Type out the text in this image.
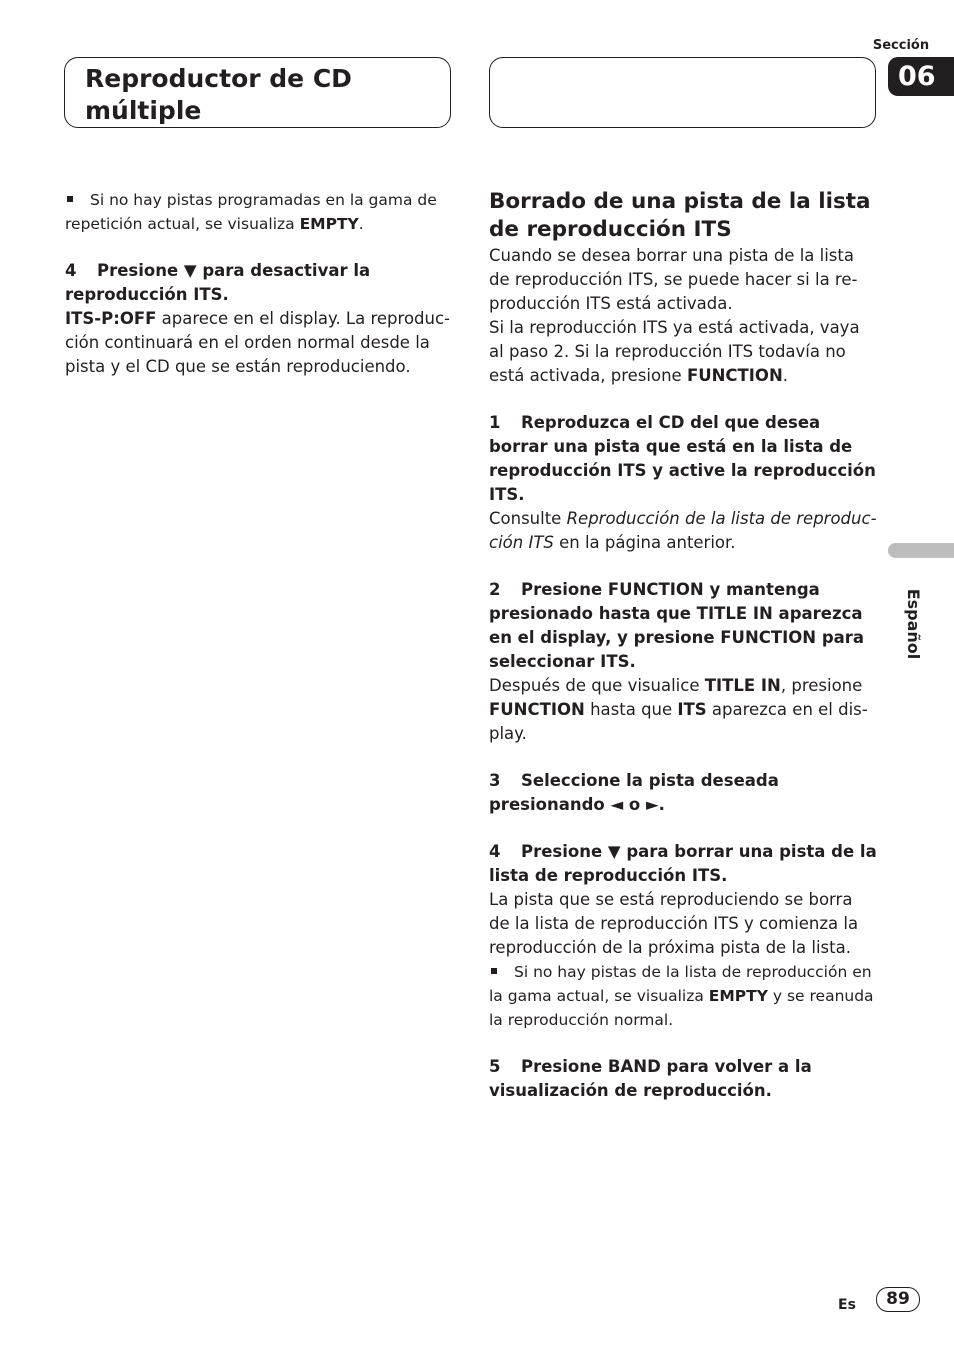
Sección
06
Reproductor de CD
múltiple

Si no hay pistas programadas en la gama de repetición actual, se visualiza EMPTY.

4 Presione ▼ para desactivar la reproducción ITS.

ITS-P:OFF aparece en el display. La reproducción continuará en el orden normal desde la pista y el CD que se están reproduciendo.

Borrado de una pista de la lista de reproducción ITS

Cuando se desea borrar una pista de la lista de reproducción ITS, se puede hacer si la reproducción ITS está activada.

Si la reproducción ITS ya está activada, vaya al paso 2. Si la reproducción ITS todavía no está activada, presione FUNCTION.

1 Reproduzca el CD del que desea borrar una pista que está en la lista de reproducción ITS y active la reproducción ITS.

Consulte Reproducción de la lista de reproducción ITS en la página anterior.

2 Presione FUNCTION y mantenga presionado hasta que TITLE IN aparezca en el display, y presione FUNCTION para seleccionar ITS.

Después de que visualice TITLE IN, presione FUNCTION hasta que ITS aparezca en el display.

3 Seleccione la pista deseada presionando ◄ o ►.

4 Presione ▼ para borrar una pista de la lista de reproducción ITS.

La pista que se está reproduciendo se borra de la lista de reproducción ITS y comienza la reproducción de la próxima pista de la lista.

Si no hay pistas de la lista de reproducción en la gama actual, se visualiza EMPTY y se reanuda la reproducción normal.

5 Presione BAND para volver a la visualización de reproducción.

Español
Es	89
